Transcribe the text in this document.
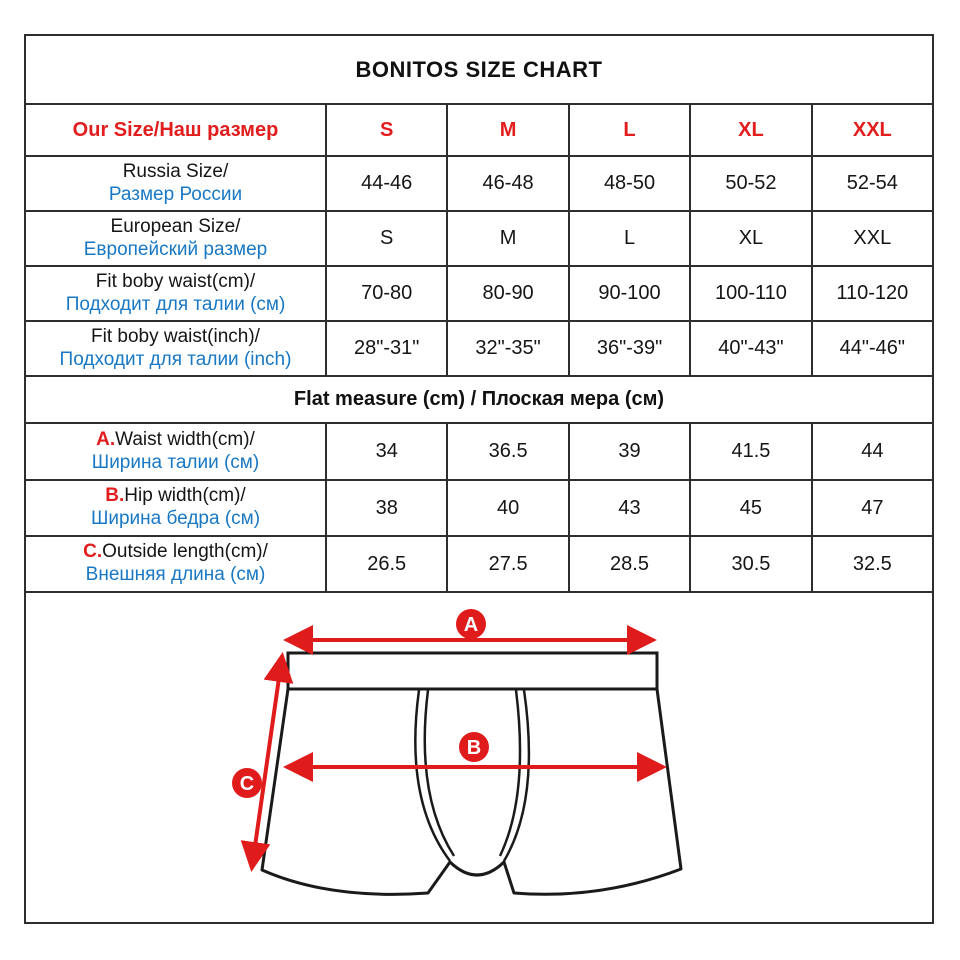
BONITOS SIZE CHART
Our Size/Наш размер	S	M	L	XL	XXL
Russia Size/
Размер России	44-46	46-48	48-50	50-52	52-54
European Size/
Европейский размер	S	M	L	XL	XXL
Fit boby waist(cm)/
Подходит для талии (см)	70-80	80-90	90-100	100-110 110-120
Fit boby waist(inch)/
Подходит для талии (inch)	28"-31"	32"-35"	36"-39"	40"-43"	44"-46"
Flat measure (cm) / Плоская мера (см)
A.Waist width(cm)/
Ширина талии (см)	34	36.5	39	41.5	44
B.Hip width(cm)/
Ширина бедра (см)	38	40	43	45	47
C.Outside length(cm)/
Внешняя длина (см)	26.5	27.5	28.5	30.5	32.5
A
B
C
